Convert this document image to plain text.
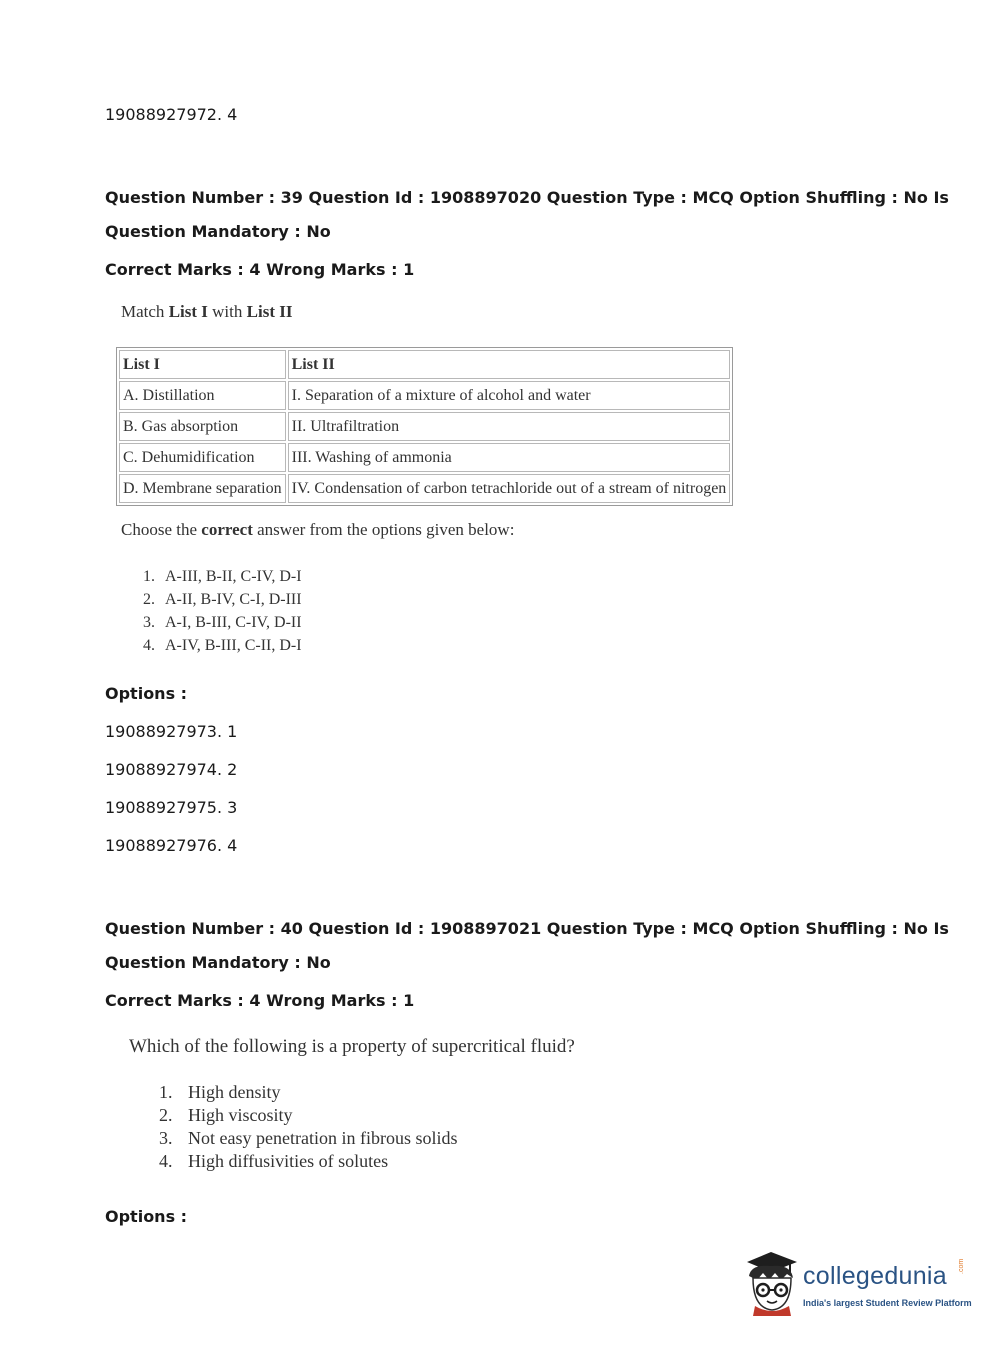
19088927972. 4
Question Number : 39 Question Id : 1908897020 Question Type : MCQ Option Shuffling : No Is
Question Mandatory : No
Correct Marks : 4 Wrong Marks : 1
Match List I with List II
List I	List II
A. Distillation	I. Separation of a mixture of alcohol and water
B. Gas absorption	II. Ultrafiltration
C. Dehumidification	III. Washing of ammonia
D. Membrane separation	IV. Condensation of carbon tetrachloride out of a stream of nitrogen
Choose the correct answer from the options given below:
1. A-III, B-II, C-IV, D-I
2. A-II, B-IV, C-I, D-III
3. A-I, B-III, C-IV, D-II
4. A-IV, B-III, C-II, D-I
Options :
19088927973. 1
19088927974. 2
19088927975. 3
19088927976. 4
Question Number : 40 Question Id : 1908897021 Question Type : MCQ Option Shuffling : No Is
Question Mandatory : No
Correct Marks : 4 Wrong Marks : 1
Which of the following is a property of supercritical fluid?
1. High density
2. High viscosity
3. Not easy penetration in fibrous solids
4. High diffusivities of solutes
Options :
collegedunia .com
India's largest Student Review Platform
